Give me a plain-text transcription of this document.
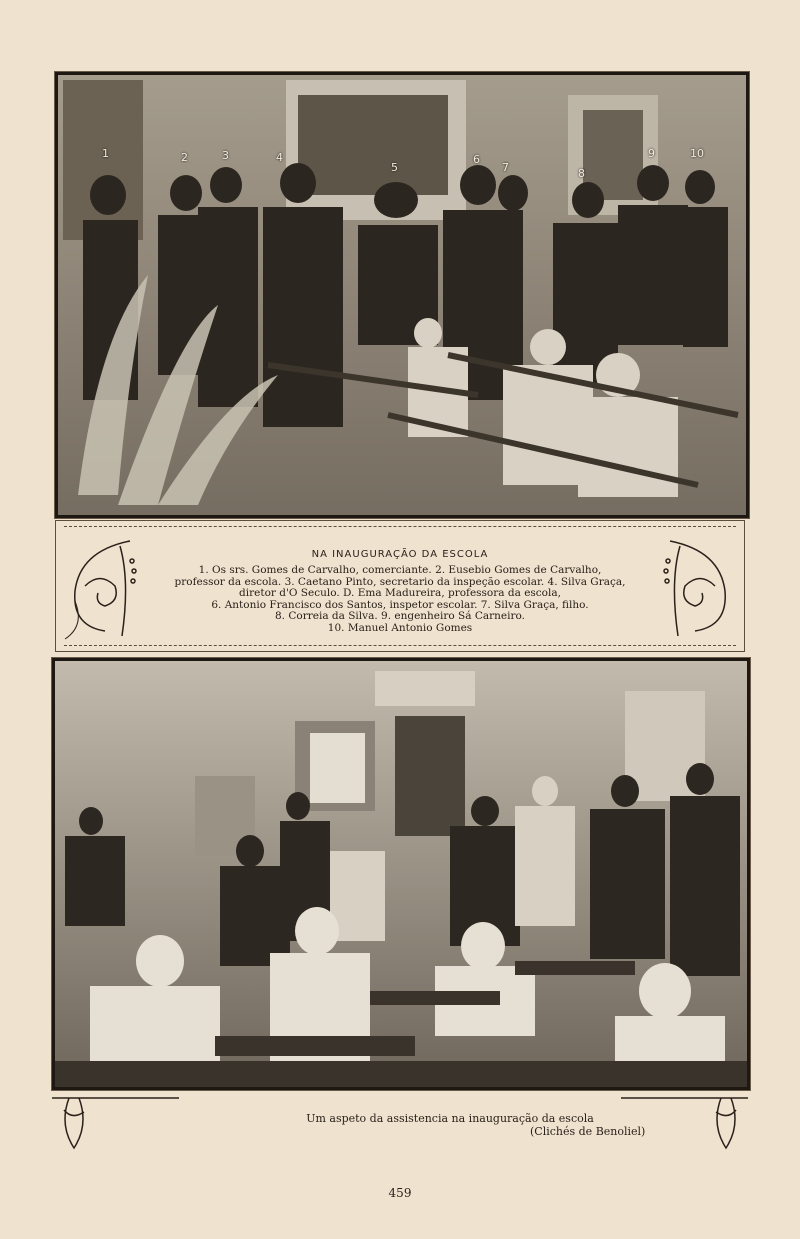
1	2	3	4
5
6
7	8
9	10
NA INAUGURAÇÃO DA ESCOLA
1. Os srs. Gomes de Carvalho, comerciante. 2. Eusebio Gomes de Carvalho,
professor da escola. 3. Caetano Pinto, secretario da inspeção escolar. 4. Silva Graça,
diretor d'O Seculo. D. Ema Madureira, professora da escola,
6. Antonio Francisco dos Santos, inspetor escolar. 7. Silva Graça, filho.
8. Correia da Silva. 9. engenheiro Sá Carneiro.
10. Manuel Antonio Gomes
Um aspeto da assistencia na inauguração da escola
(Clichés de Benoliel)
459
